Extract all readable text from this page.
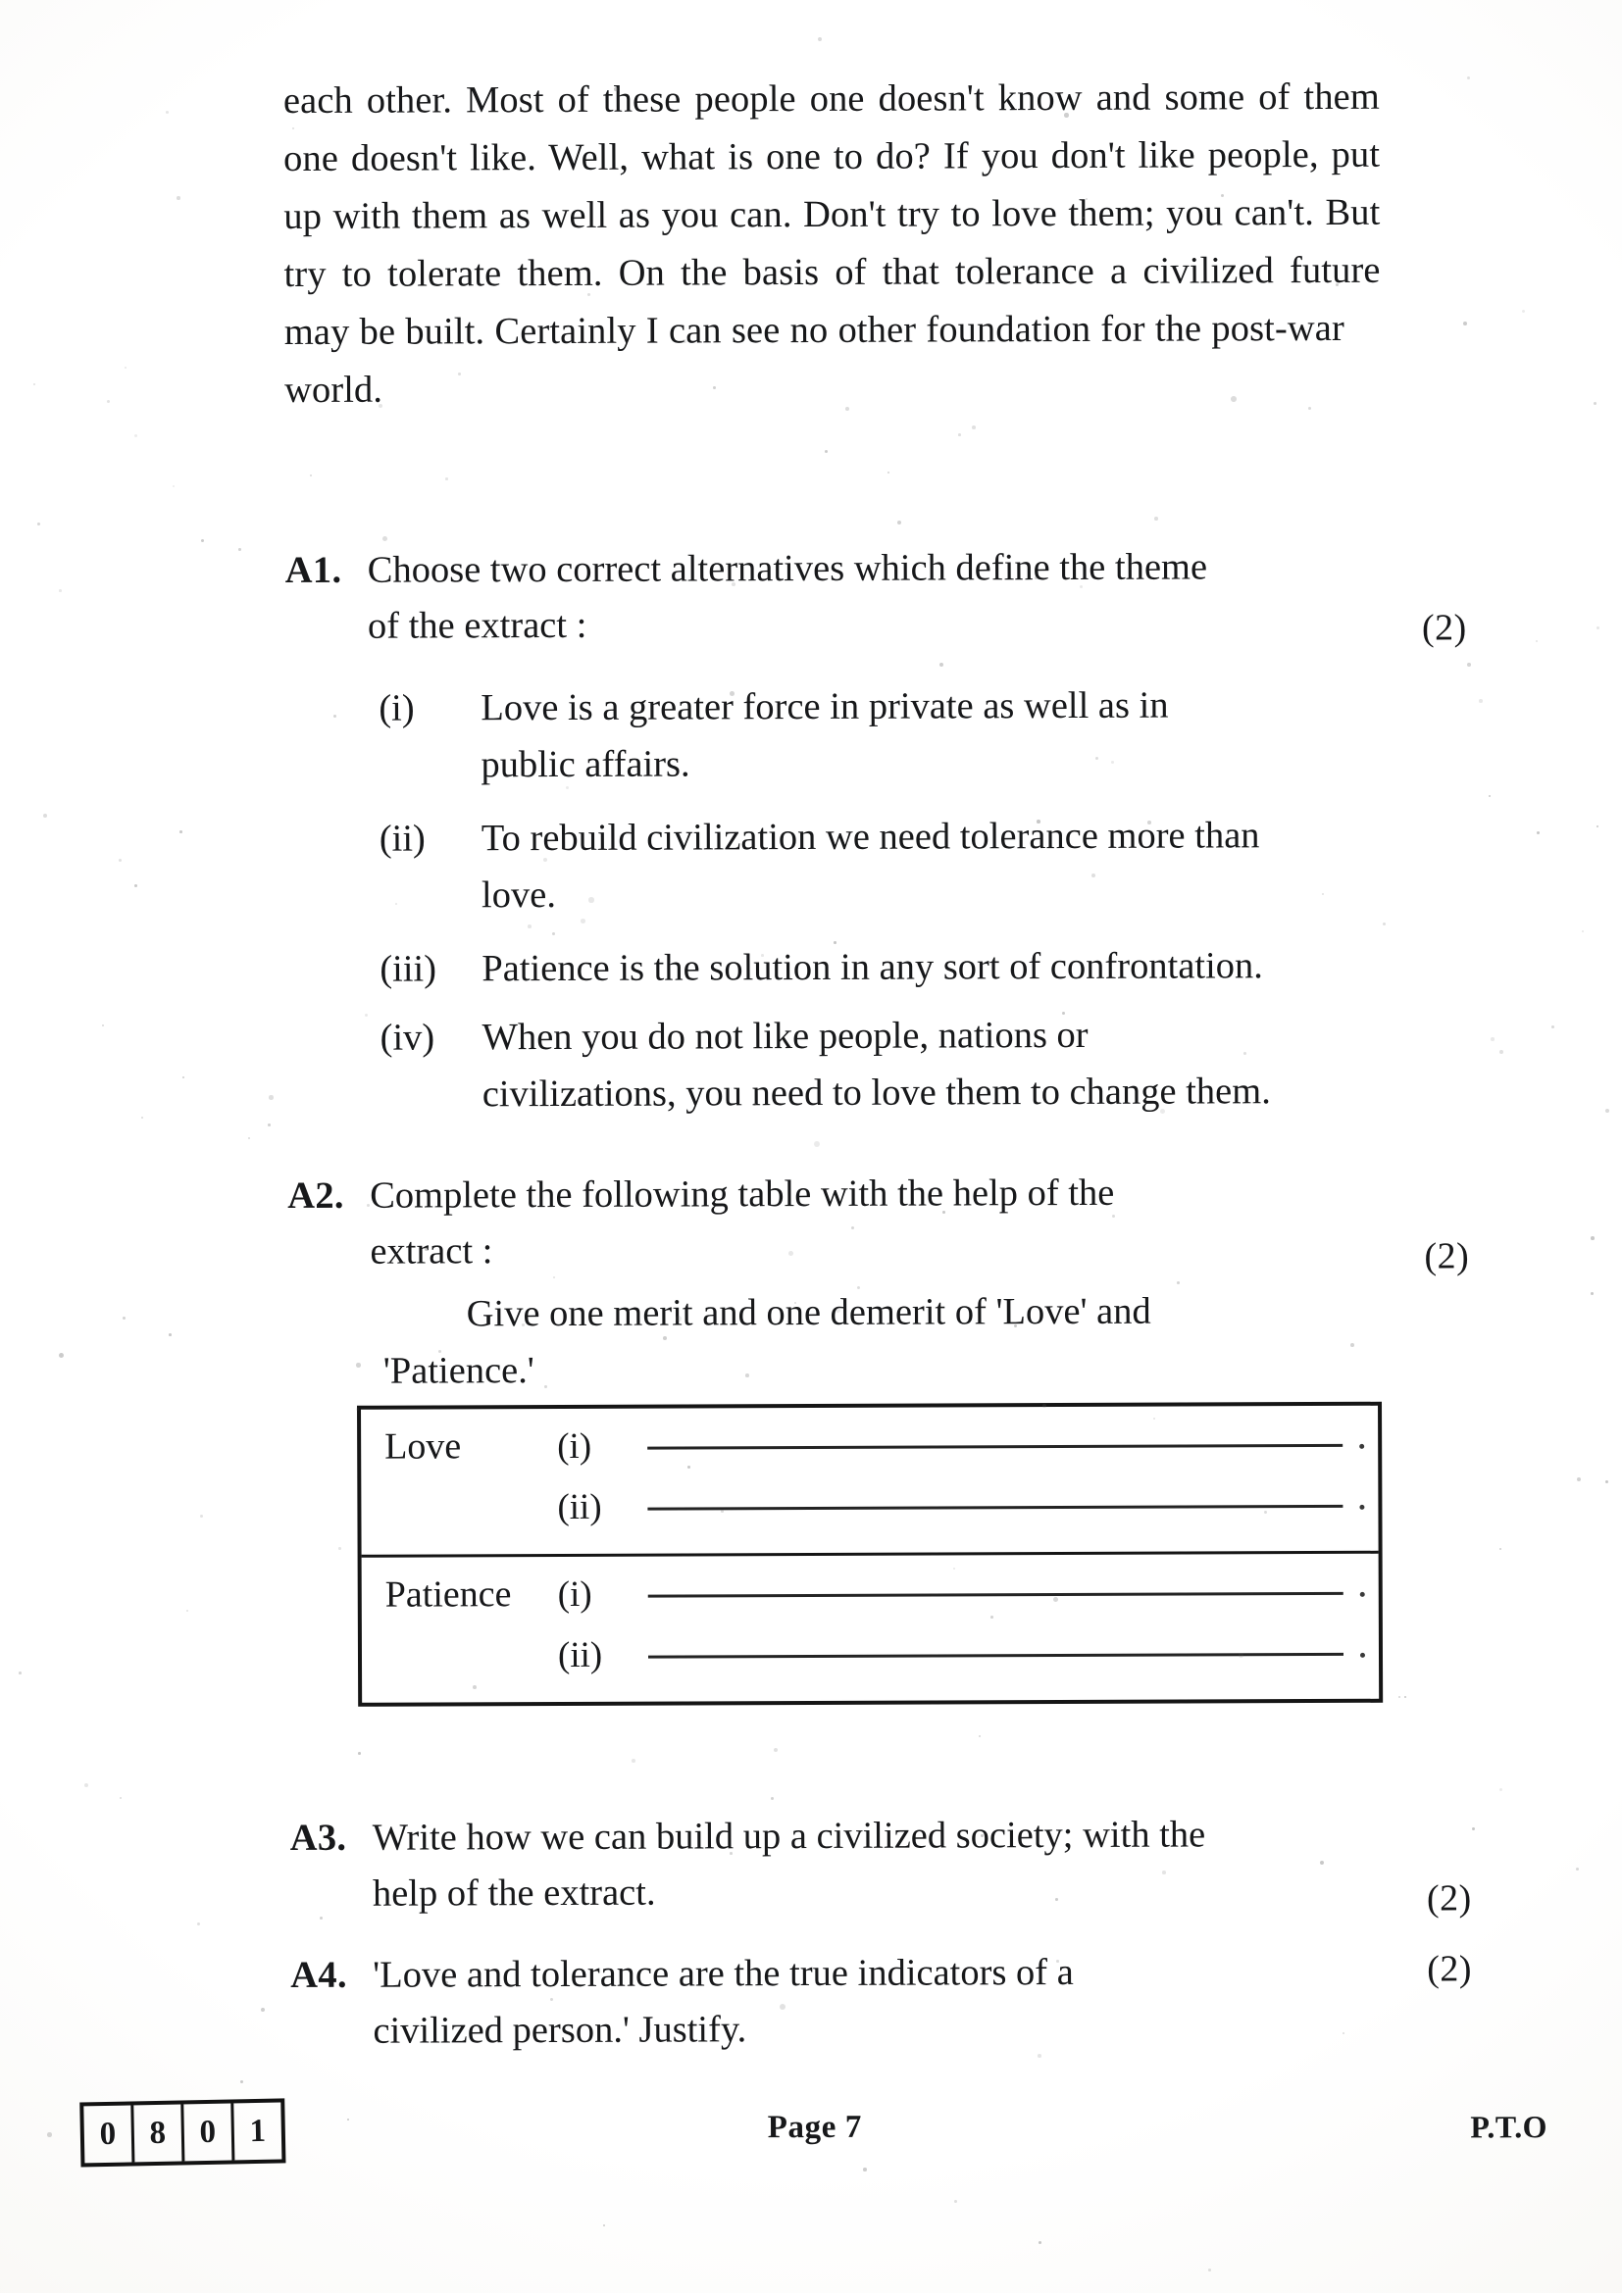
each other. Most of these people one doesn't know and some of them one doesn't like. Well, what is one to do? If you don't like people, put up with them as well as you can. Don't try to love them; you can't. But try to tolerate them. On the basis of that tolerance a civilized future may be built. Certainly I can see no other foundation for the post-war
world.
A1. Choose two correct alternatives which define the theme
of the extract :	(2)
(i)	Love is a greater force in private as well as in
public affairs.
(ii)	To rebuild civilization we need tolerance more than
love.
(iii)	Patience is the solution in any sort of confrontation.
(iv)	When you do not like people, nations or
civilizations, you need to love them to change them.
A2. Complete the following table with the help of the
extract :	(2)
Give one merit and one demerit of 'Love' and
'Patience.'
Love	(i)
(ii)
Patience	(i)
(ii)
A3. Write how we can build up a civilized society; with the
help of the extract.	(2)
A4. 'Love and tolerance are the true indicators of a
civilized person.' Justify.
(2)
0	8	0	1	Page 7	P.T.O
